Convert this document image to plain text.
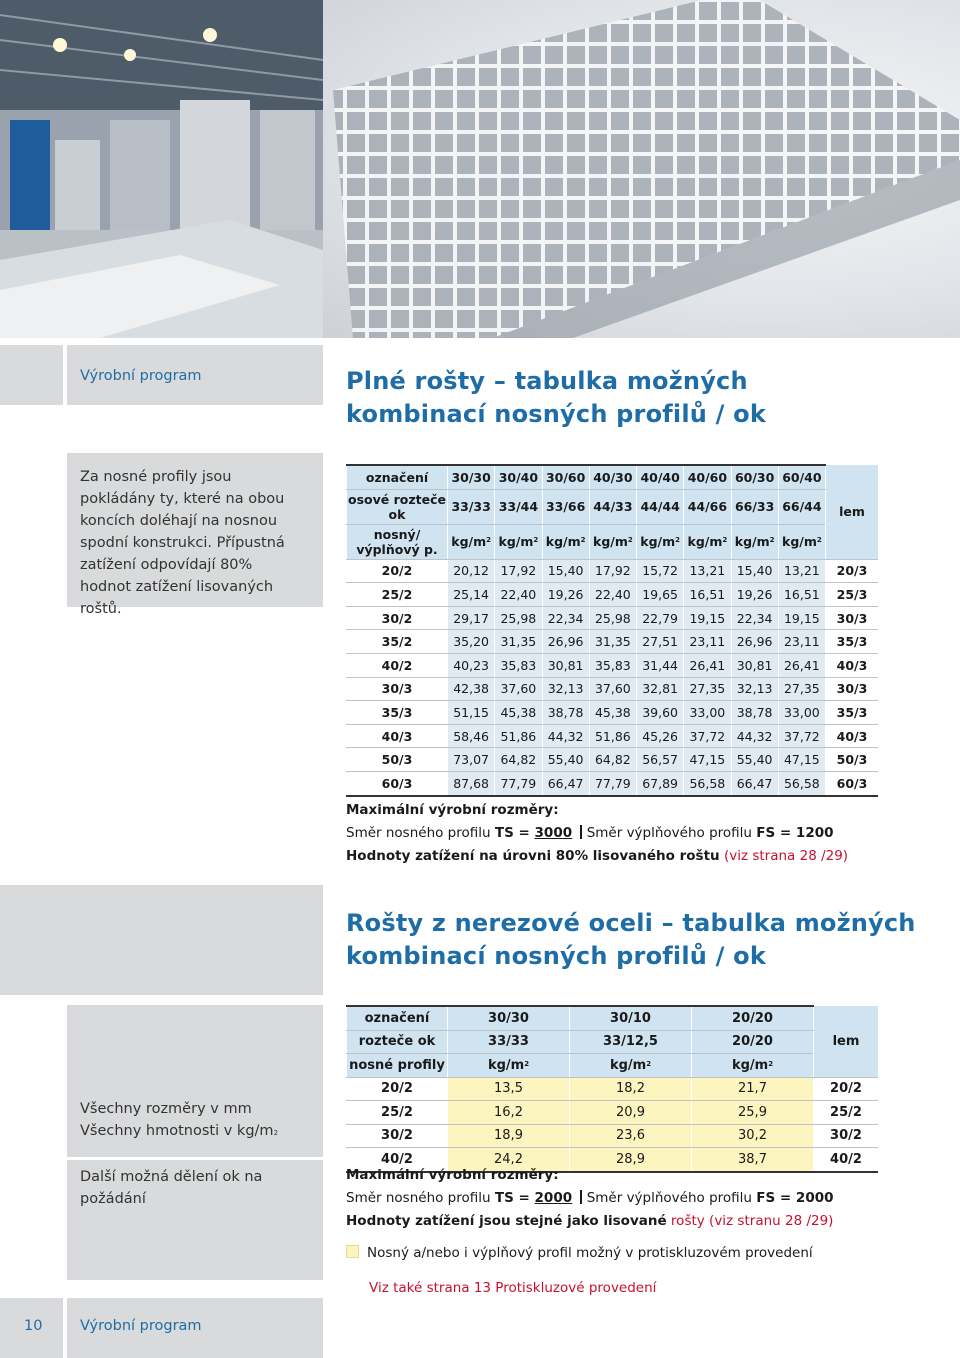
Výrobní program
Za nosné profily jsou pokládány ty, které na obou koncích doléhají na nosnou spodní konstrukci. Přípustná zatížení odpovídají 80% hodnot zatížení lisovaných roštů.
Všechny rozměry v mm
Všechny hmotnosti v $kg/m^2$
Další možná dělení ok na požádání
10	Výrobní program
Plné rošty – tabulka možných
kombinací nosných profilů / ok
označení	30/30	30/40	30/60	40/30	40/40	40/60	60/30	60/40	lem
osové rozteče ok	33/33	33/44	33/66	44/33	44/44	44/66	66/33	66/44	
nosný/ výplňový p.	$kg/m^2$	$kg/m^2$	$kg/m^2$	$kg/m^2$	$kg/m^2$	$kg/m^2$	$kg/m^2$	$kg/m^2$
20/2	20,12	17,92	15,40	17,92	15,72	13,21	15,40	13,21	20/3
25/2	25,14	22,40	19,26	22,40	19,65	16,51	19,26	16,51	25/3
30/2	29,17	25,98	22,34	25,98	22,79	19,15	22,34	19,15	30/3
35/2	35,20	31,35	26,96	31,35	27,51	23,11	26,96	23,11	35/3
40/2	40,23	35,83	30,81	35,83	31,44	26,41	30,81	26,41	40/3
30/3	42,38	37,60	32,13	37,60	32,81	27,35	32,13	27,35	30/3
35/3	51,15	45,38	38,78	45,38	39,60	33,00	38,78	33,00	35/3
40/3	58,46	51,86	44,32	51,86	45,26	37,72	44,32	37,72	40/3
50/3	73,07	64,82	55,40	64,82	56,57	47,15	55,40	47,15	50/3
60/3	87,68	77,79	66,47	77,79	67,89	56,58	66,47	56,58	60/3
Maximální výrobní rozměry:
Směr nosného profilu TS = 3000  Směr výplňového profilu FS = 1200
Hodnoty zatížení na úrovni 80% lisovaného roštu (viz strana 28 /29)
Rošty z nerezové oceli – tabulka možných
kombinací nosných profilů / ok
označení	30/30	30/10	20/20	lem
rozteče ok	33/33	33/12,5	20/20	
nosné profily	$kg/m^2$	$kg/m^2$	$kg/m^2$
20/2	13,5	18,2	21,7	20/2
25/2	16,2	20,9	25,9	25/2
30/2	18,9	23,6	30,2	30/2
40/2	24,2	28,9	38,7	40/2
Maximální výrobní rozměry:
Směr nosného profilu TS = 2000  Směr výplňového profilu FS = 2000
Hodnoty zatížení jsou stejné jako lisované rošty (viz stranu 28 /29)
Nosný a/nebo i výplňový profil možný v protiskluzovém provedení
Viz také strana 13 Protiskluzové provedení
